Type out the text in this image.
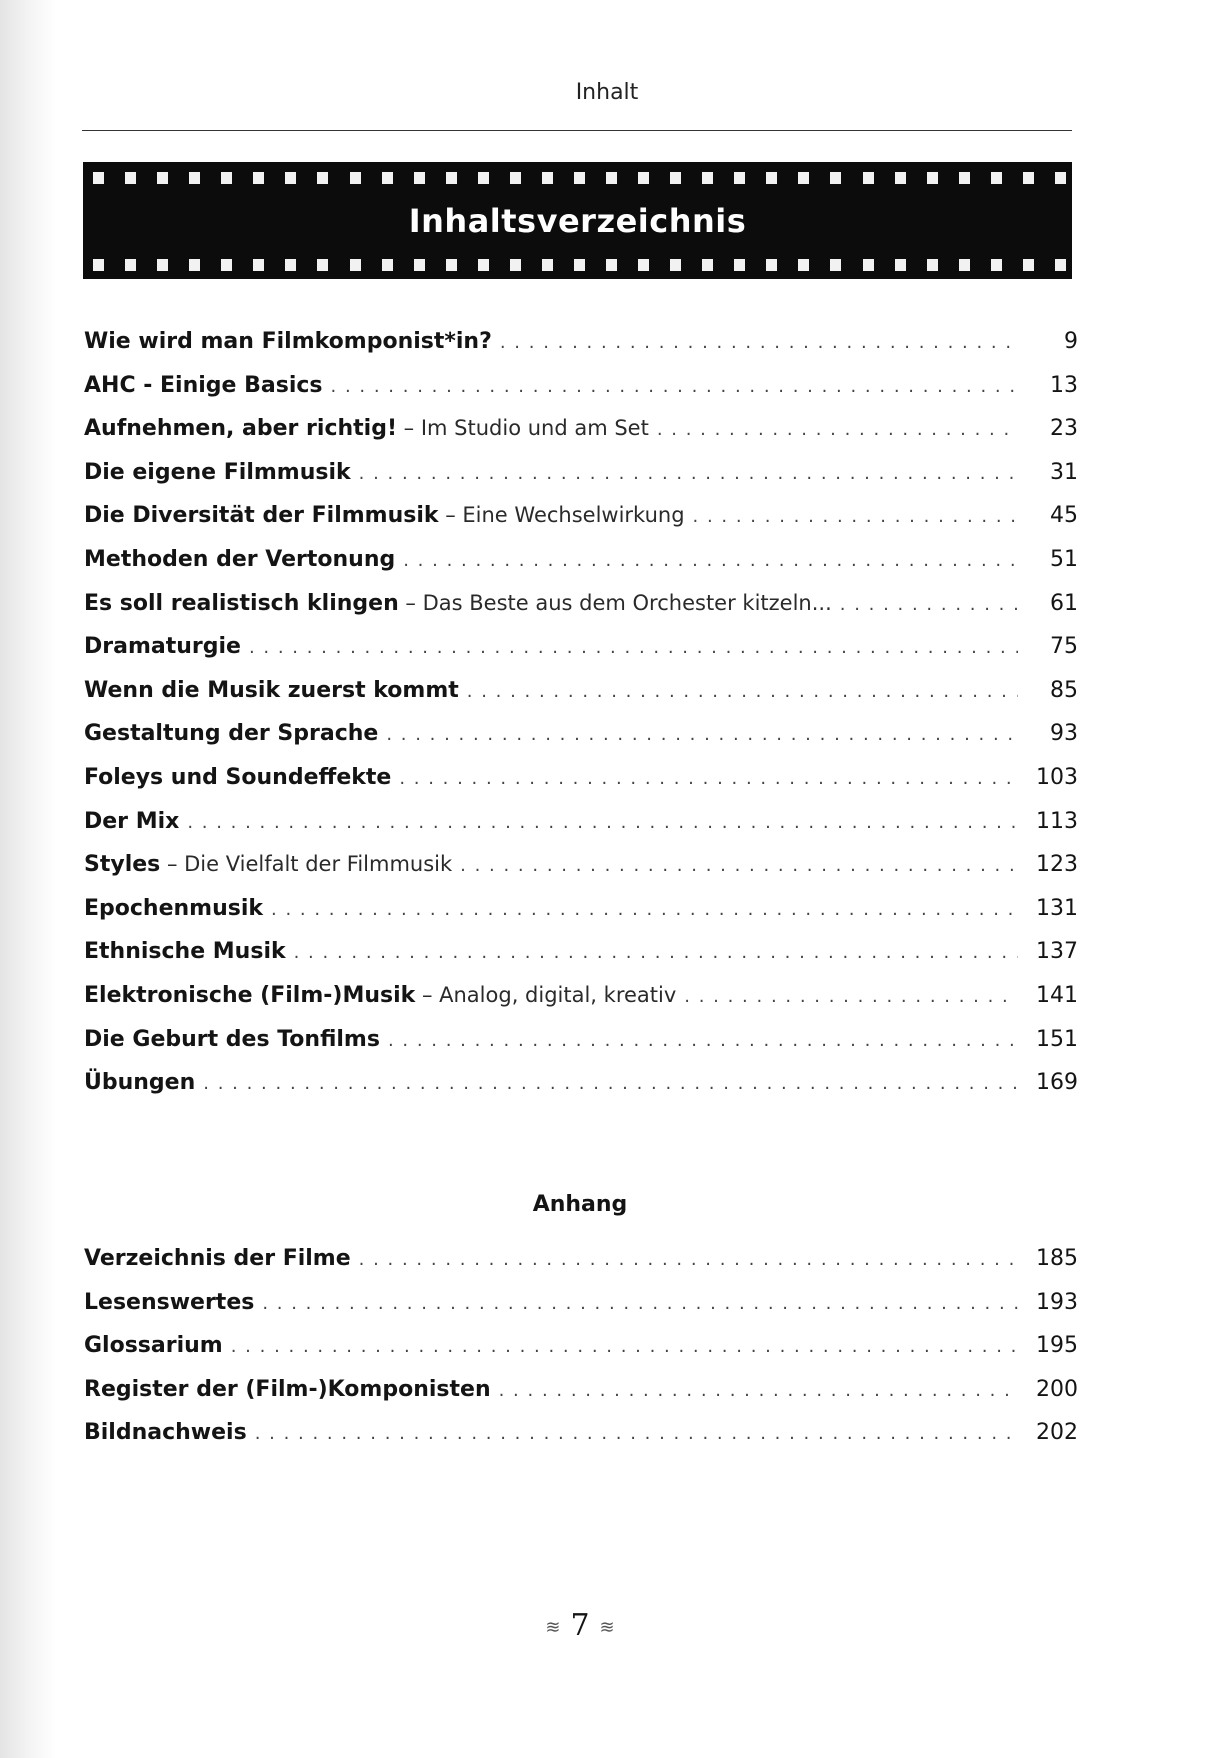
Inhalt
Inhaltsverzeichnis
Wie wird man Filmkomponist*in? . . .	9
AHC - Einige Basics . . .	13
Aufnehmen, aber richtig! – Im Studio und am Set . . .	23
Die eigene Filmmusik . . .	31
Die Diversität der Filmmusik – Eine Wechselwirkung . . .	45
Methoden der Vertonung . . .	51
Es soll realistisch klingen – Das Beste aus dem Orchester kitzeln... . . .	61
Dramaturgie . . .	75
Wenn die Musik zuerst kommt . . .	85
Gestaltung der Sprache . . .	93
Foleys und Soundeffekte . . .	103
Der Mix . . .	113
Styles – Die Vielfalt der Filmmusik . . .	123
Epochenmusik . . .	131
Ethnische Musik . . .	137
Elektronische (Film-)Musik – Analog, digital, kreativ . . .	141
Die Geburt des Tonfilms . . .	151
Übungen . . .	169
Anhang
Verzeichnis der Filme . . .	185
Lesenswertes . . .	193
Glossarium . . .	195
Register der (Film-)Komponisten . . .	200
Bildnachweis . . .	202
≋ 7 ≋
